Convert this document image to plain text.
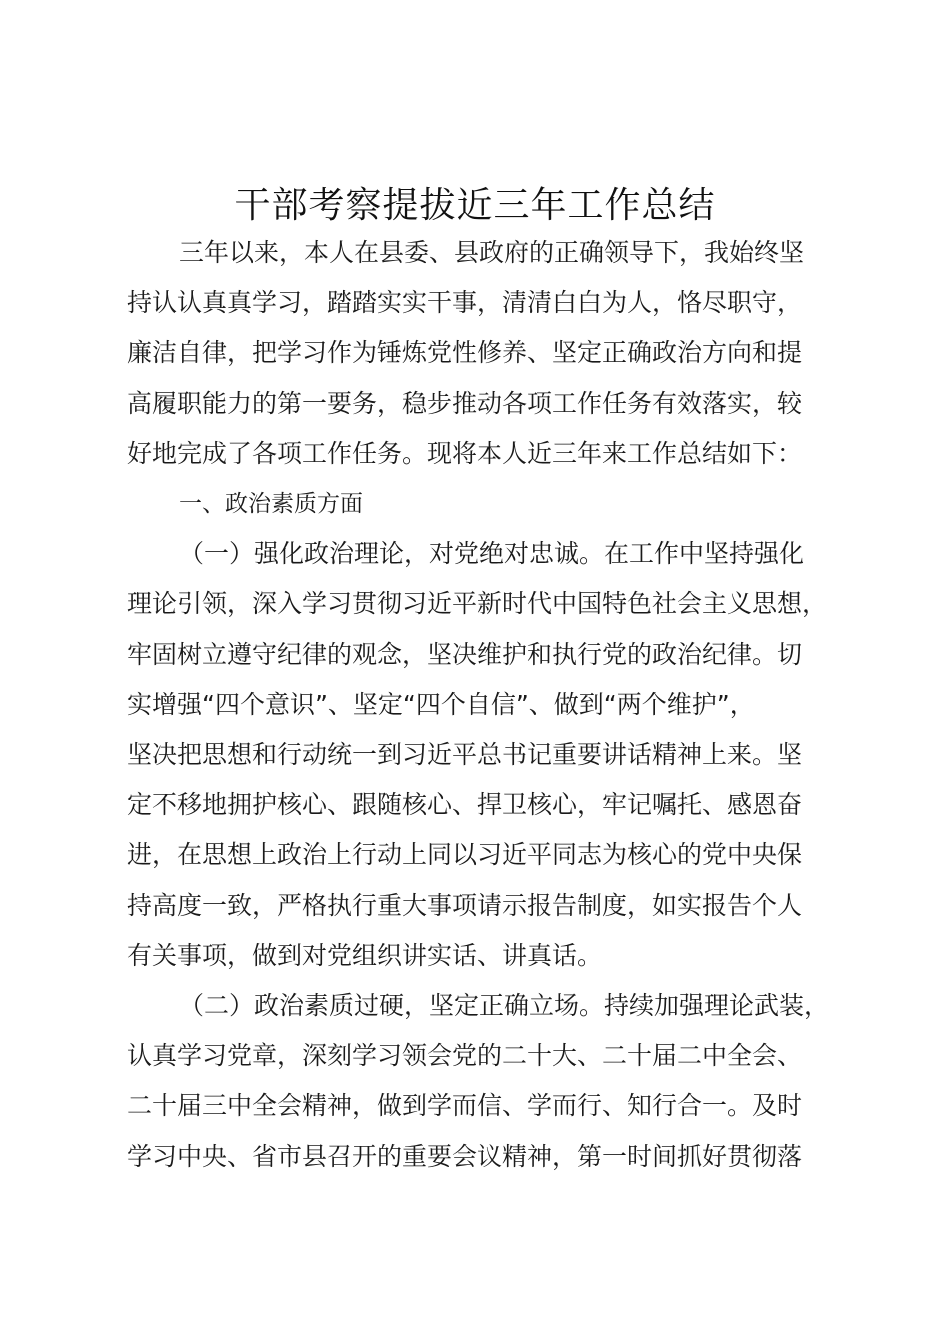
干部考察提拔近三年工作总结
三年以来，本人在县委、县政府的正确领导下，我始终坚
持认认真真学习，踏踏实实干事，清清白白为人，恪尽职守，
廉洁自律，把学习作为锤炼党性修养、坚定正确政治方向和提
高履职能力的第一要务，稳步推动各项工作任务有效落实，较
好地完成了各项工作任务。现将本人近三年来工作总结如下：
一、政治素质方面
（一）强化政治理论，对党绝对忠诚。在工作中坚持强化
理论引领，深入学习贯彻习近平新时代中国特色社会主义思想，
牢固树立遵守纪律的观念，坚决维护和执行党的政治纪律。切
实增强“四个意识”、坚定“四个自信”、做到“两个维护”，
坚决把思想和行动统一到习近平总书记重要讲话精神上来。坚
定不移地拥护核心、跟随核心、捍卫核心，牢记嘱托、感恩奋
进，在思想上政治上行动上同以习近平同志为核心的党中央保
持高度一致，严格执行重大事项请示报告制度，如实报告个人
有关事项，做到对党组织讲实话、讲真话。
（二）政治素质过硬，坚定正确立场。持续加强理论武装，
认真学习党章，深刻学习领会党的二十大、二十届二中全会、
二十届三中全会精神，做到学而信、学而行、知行合一。及时
学习中央、省市县召开的重要会议精神，第一时间抓好贯彻落
